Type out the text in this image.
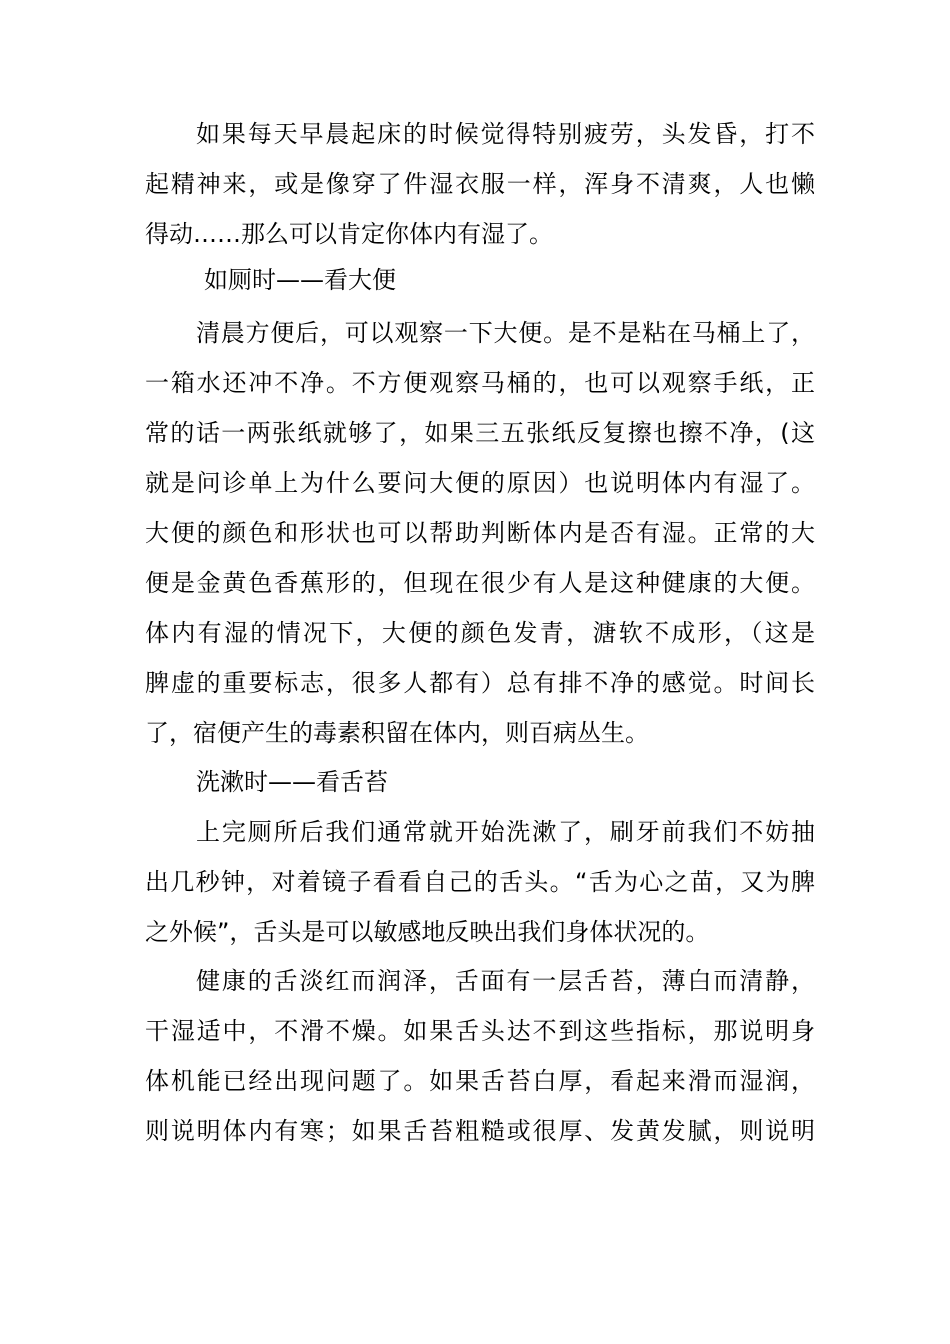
如果每天早晨起床的时候觉得特别疲劳，头发昏，打不
起精神来，或是像穿了件湿衣服一样，浑身不清爽，人也懒
得动……那么可以肯定你体内有湿了。
如厕时——看大便
清晨方便后，可以观察一下大便。是不是粘在马桶上了，
一箱水还冲不净。不方便观察马桶的，也可以观察手纸，正
常的话一两张纸就够了，如果三五张纸反复擦也擦不净，(这
就是问诊单上为什么要问大便的原因）也说明体内有湿了。
大便的颜色和形状也可以帮助判断体内是否有湿。正常的大
便是金黄色香蕉形的，但现在很少有人是这种健康的大便。
体内有湿的情况下，大便的颜色发青，溏软不成形，（这是
脾虚的重要标志，很多人都有）总有排不净的感觉。时间长
了，宿便产生的毒素积留在体内，则百病丛生。
洗漱时——看舌苔
上完厕所后我们通常就开始洗漱了，刷牙前我们不妨抽
出几秒钟，对着镜子看看自己的舌头。“舌为心之苗，又为脾
之外候”，舌头是可以敏感地反映出我们身体状况的。
健康的舌淡红而润泽，舌面有一层舌苔，薄白而清静，
干湿适中，不滑不燥。如果舌头达不到这些指标，那说明身
体机能已经出现问题了。如果舌苔白厚，看起来滑而湿润，
则说明体内有寒；如果舌苔粗糙或很厚、发黄发腻，则说明
